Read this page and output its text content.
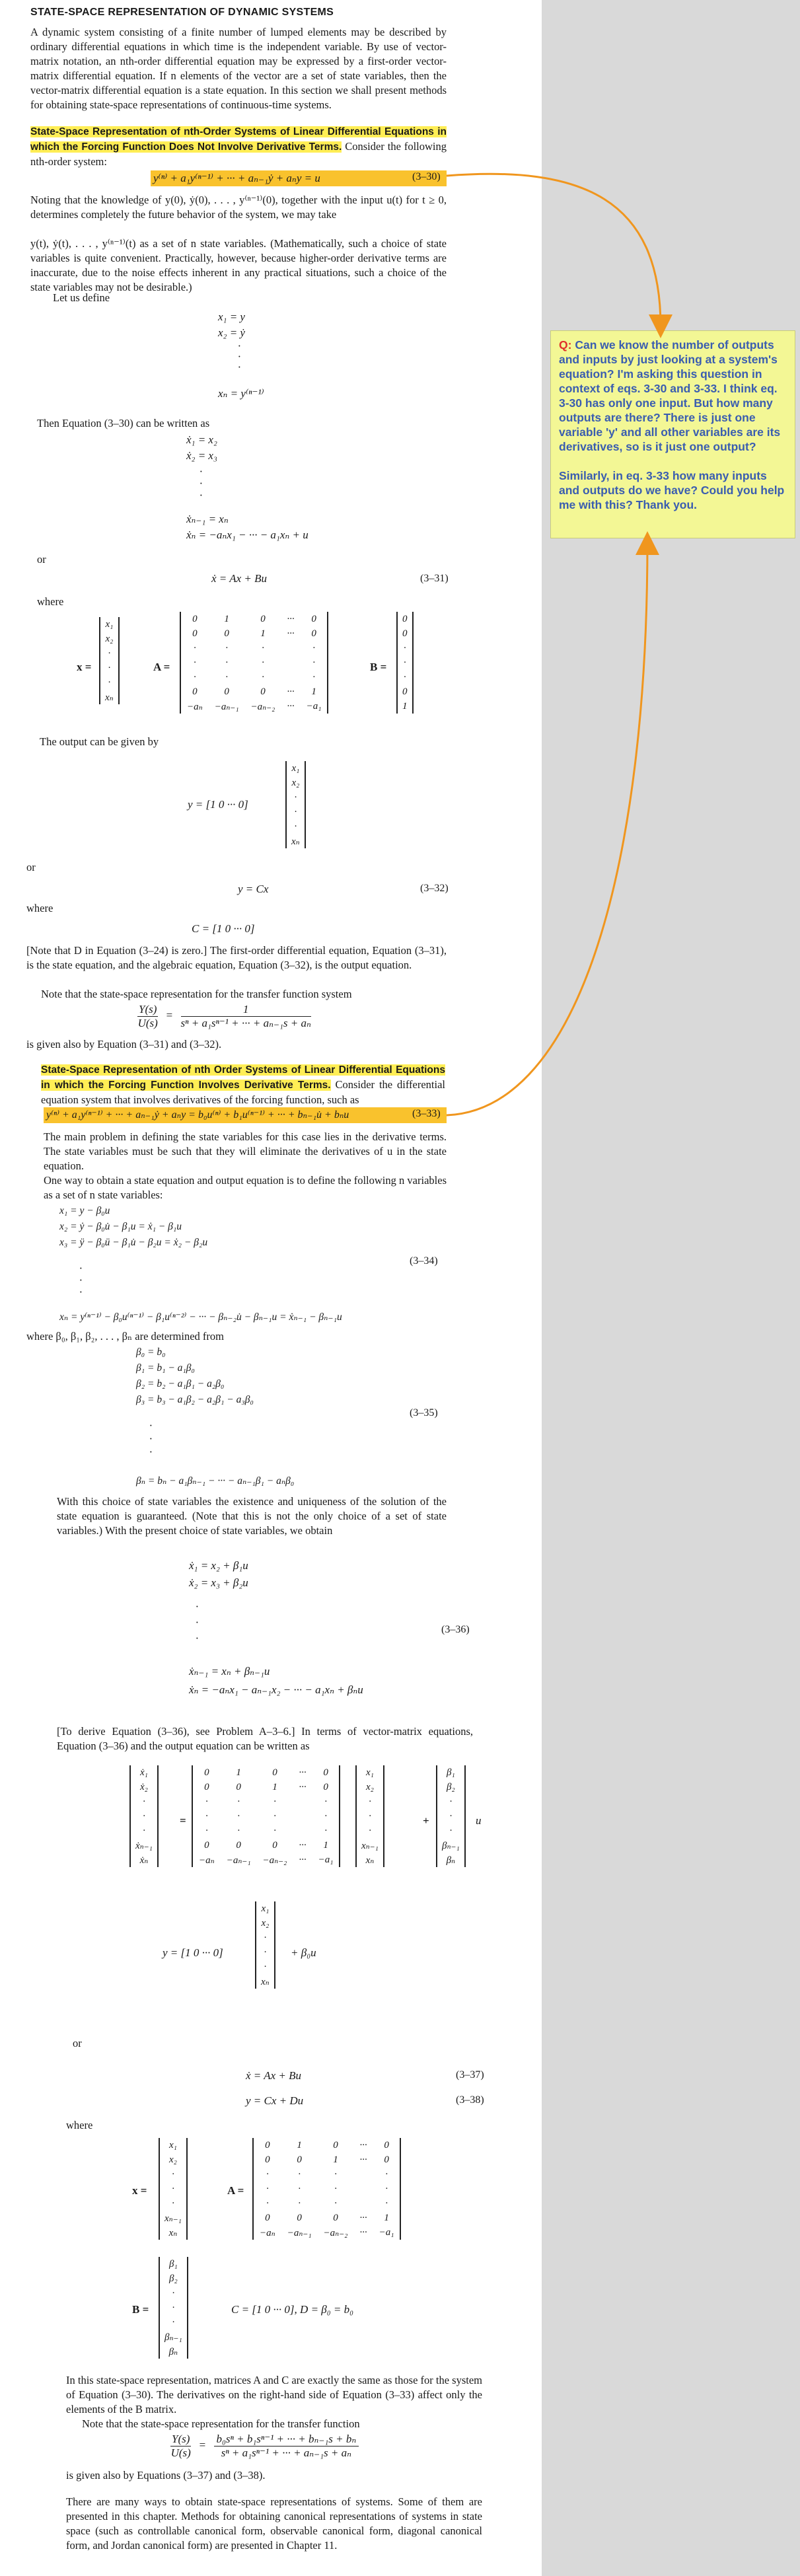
STATE-SPACE REPRESENTATION OF DYNAMIC SYSTEMS
A dynamic system consisting of a finite number of lumped elements may be described by ordinary differential equations in which time is the independent variable. By use of vector-matrix notation, an nth-order differential equation may be expressed by a first-order vector-matrix differential equation. If n elements of the vector are a set of state variables, then the vector-matrix differential equation is a state equation. In this section we shall present methods for obtaining state-space representations of continuous-time systems.
State-Space Representation of nth-Order Systems of Linear Differential Equations in which the Forcing Function Does Not Involve Derivative Terms. Consider the following nth-order system:
y⁽ⁿ⁾ + a₁y⁽ⁿ⁻¹⁾ + ··· + aₙ₋₁ẏ + aₙy = u	(3–30)
Noting that the knowledge of y(0), ẏ(0), . . . , y⁽ⁿ⁻¹⁾(0), together with the input u(t) for t ≥ 0, determines completely the future behavior of the system, we may take
y(t), ẏ(t), . . . , y⁽ⁿ⁻¹⁾(t) as a set of n state variables. (Mathematically, such a choice of state variables is quite convenient. Practically, however, because higher-order derivative terms are inaccurate, due to the noise effects inherent in any practical situations, such a choice of the state variables may not be desirable.)
Let us define
x₁ = y
x₂ = ẏ
·
·
·
xₙ = y⁽ⁿ⁻¹⁾
Then Equation (3–30) can be written as
ẋ₁ = x₂
ẋ₂ = x₃
·
·
·
ẋₙ₋₁ = xₙ
ẋₙ = −aₙx₁ − ··· − a₁xₙ + u
or
ẋ = Ax + Bu	(3–31)
where
x =
x₁
x₂
·
·
·
xₙ
A =
0	1	0	···	0
0	0	1	···	0
·	·	·		·
·	·	·		·
·	·	·		·
0	0	0	···	1
−aₙ	−aₙ₋₁	−aₙ₋₂	···	−a₁
B =
0
0
·
·
·
0
1
The output can be given by
y = [1 0 ··· 0]
x₁
x₂
·
·
·
xₙ
or
y = Cx	(3–32)
where
C = [1 0 ··· 0]
[Note that D in Equation (3–24) is zero.] The first-order differential equation, Equation (3–31), is the state equation, and the algebraic equation, Equation (3–32), is the output equation.
Note that the state-space representation for the transfer function system
$\frac{Y(s)}{U(s)} = \frac{1}{\text{sⁿ + a₁sⁿ⁻¹ + ··· + aₙ₋₁s + aₙ}}$
is given also by Equation (3–31) and (3–32).
State-Space Representation of nth Order Systems of Linear Differential Equations in which the Forcing Function Involves Derivative Terms. Consider the differential equation system that involves derivatives of the forcing function, such as
y⁽ⁿ⁾ + a₁y⁽ⁿ⁻¹⁾ + ··· + aₙ₋₁ẏ + aₙy = b₀u⁽ⁿ⁾ + b₁u⁽ⁿ⁻¹⁾ + ··· + bₙ₋₁u̇ + bₙu	(3–33)
The main problem in defining the state variables for this case lies in the derivative terms. The state variables must be such that they will eliminate the derivatives of u in the state equation.
One way to obtain a state equation and output equation is to define the following n variables as a set of n state variables:
x₁ = y − β₀u
x₂ = ẏ − β₀u̇ − β₁u = ẋ₁ − β₁u
x₃ = ÿ − β₀ü − β₁u̇ − β₂u = ẋ₂ − β₂u
·
·
·
xₙ = y⁽ⁿ⁻¹⁾ − β₀u⁽ⁿ⁻¹⁾ − β₁u⁽ⁿ⁻²⁾ − ··· − βₙ₋₂u̇ − βₙ₋₁u = ẋₙ₋₁ − βₙ₋₁u
(3–34)
where β₀, β₁, β₂, . . . , βₙ are determined from
β₀ = b₀
β₁ = b₁ − a₁β₀
β₂ = b₂ − a₁β₁ − a₂β₀
β₃ = b₃ − a₁β₂ − a₂β₁ − a₃β₀
·
·
·
βₙ = bₙ − a₁βₙ₋₁ − ··· − aₙ₋₁β₁ − aₙβ₀
(3–35)
With this choice of state variables the existence and uniqueness of the solution of the state equation is guaranteed. (Note that this is not the only choice of a set of state variables.) With the present choice of state variables, we obtain
ẋ₁ = x₂ + β₁u
ẋ₂ = x₃ + β₂u
·
·
·
ẋₙ₋₁ = xₙ + βₙ₋₁u
ẋₙ = −aₙx₁ − aₙ₋₁x₂ − ··· − a₁xₙ + βₙu
(3–36)
[To derive Equation (3–36), see Problem A–3–6.] In terms of vector-matrix equations, Equation (3–36) and the output equation can be written as
ẋ₁
ẋ₂
·
·
·
ẋₙ₋₁
ẋₙ
=
0	1	0	···	0
0	0	1	···	0
·	·	·		·
·	·	·		·
·	·	·		·
0	0	0	···	1
−aₙ	−aₙ₋₁	−aₙ₋₂	···	−a₁
x₁
x₂
·
·
·
xₙ₋₁
xₙ
+
β₁
β₂
·
·
·
βₙ₋₁
βₙ
u
y = [1 0 ··· 0]
x₁
x₂
·
·
·
xₙ
+ β₀u
or
ẋ = Ax + Bu	(3–37)
y = Cx + Du	(3–38)
where
x =
x₁
x₂
·
·
·
xₙ₋₁
xₙ
A =
0	1	0	···	0
0	0	1	···	0
·	·	·		·
·	·	·		·
·	·	·		·
0	0	0	···	1
−aₙ	−aₙ₋₁	−aₙ₋₂	···	−a₁
B =
β₁
β₂
·
·
·
βₙ₋₁
βₙ
C = [1 0 ··· 0], D = β₀ = b₀
In this state-space representation, matrices A and C are exactly the same as those for the system of Equation (3–30). The derivatives on the right-hand side of Equation (3–33) affect only the elements of the B matrix.
Note that the state-space representation for the transfer function
$\frac{Y(s)}{U(s)} = \frac{\text{b₀sⁿ + b₁sⁿ⁻¹ + ··· + bₙ₋₁s + bₙ}}{\text{sⁿ + a₁sⁿ⁻¹ + ··· + aₙ₋₁s + aₙ}}$
is given also by Equations (3–37) and (3–38).
There are many ways to obtain state-space representations of systems. Some of them are presented in this chapter. Methods for obtaining canonical representations of systems in state space (such as controllable canonical form, observable canonical form, diagonal canonical form, and Jordan canonical form) are presented in Chapter 11.
Q: Can we know the number of outputs and inputs by just looking at a system's equation? I'm asking this question in context of eqs. 3-30 and 3-33. I think eq. 3-30 has only one input. But how many outputs are there? There is just one variable 'y' and all other variables are its derivatives, so is it just one output?
Similarly, in eq. 3-33 how many inputs and outputs do we have? Could you help me with this? Thank you.
